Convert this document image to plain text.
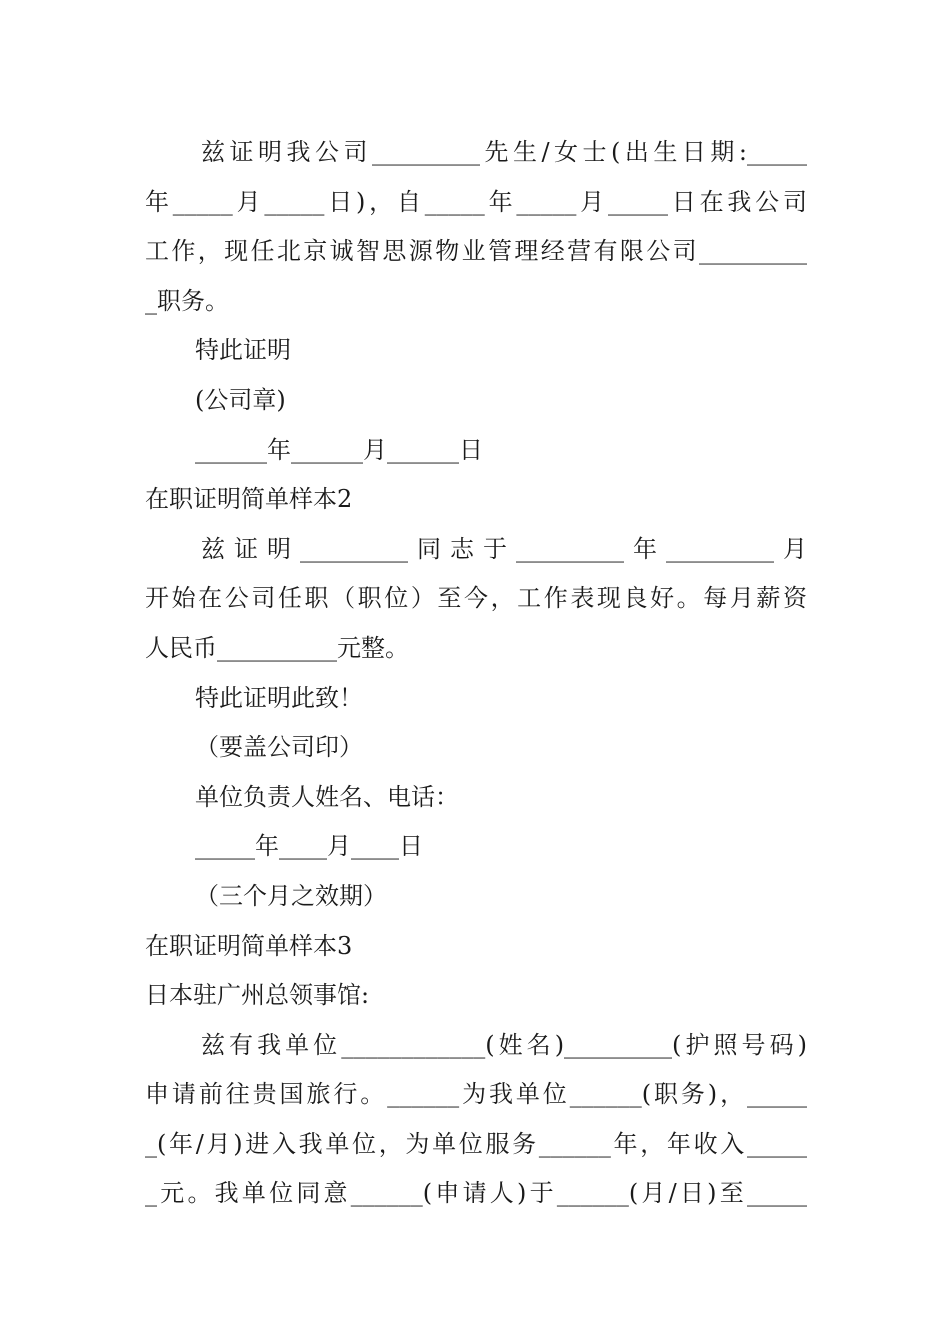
兹证明我公司_________先生/女士(出生日期:_____
年_____月_____日)，自_____年_____月_____日在我公司
工作，现任北京诚智思源物业管理经营有限公司_________
_职务。
特此证明
(公司章)
______年______月______日
在职证明简单样本2
兹证明_________同志于_________年_________月
开始在公司任职（职位）至今，工作表现良好。每月薪资
人民币__________元整。
特此证明此致！
（要盖公司印）
单位负责人姓名、电话：
_____年____月____日
（三个月之效期）
在职证明简单样本3
日本驻广州总领事馆:
兹有我单位____________(姓名)_________(护照号码)
申请前往贵国旅行。______为我单位______(职务)，_____
_(年/月)进入我单位，为单位服务______年，年收入_____
_元。我单位同意______(申请人)于______(月/日)至_____
